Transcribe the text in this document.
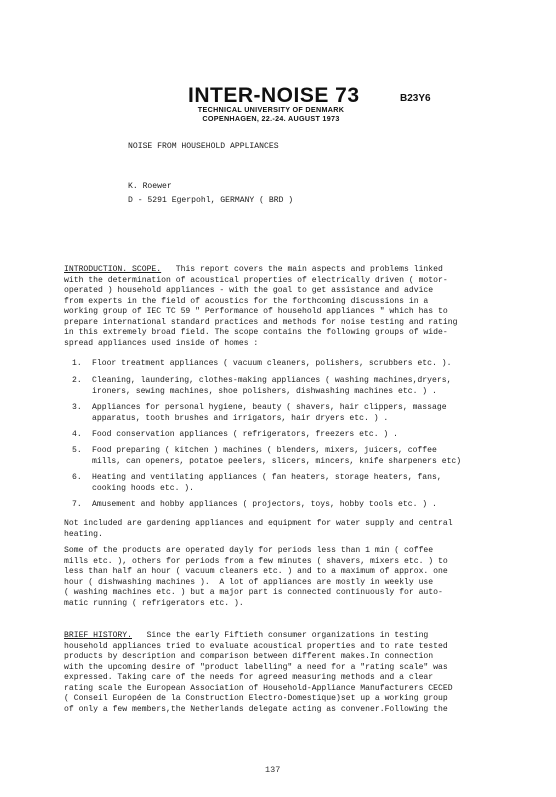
INTER-NOISE 73
TECHNICAL UNIVERSITY OF DENMARK
COPENHAGEN, 22.-24. AUGUST 1973
B23Y6
NOISE FROM HOUSEHOLD APPLIANCES
K. Roewer
D - 5291 Egerpohl, GERMANY ( BRD )
INTRODUCTION. SCOPE.   This report covers the main aspects and problems linked
with the determination of acoustical properties of electrically driven ( motor-
operated ) household appliances - with the goal to get assistance and advice
from experts in the field of acoustics for the forthcoming discussions in a
working group of IEC TC 59 " Performance of household appliances " which has to
prepare international standard practices and methods for noise testing and rating
in this extremely broad field. The scope contains the following groups of wide-
spread appliances used inside of homes :
1. Floor treatment appliances ( vacuum cleaners, polishers, scrubbers etc. ).
2. Cleaning, laundering, clothes-making appliances ( washing machines,dryers,
ironers, sewing machines, shoe polishers, dishwashing machines etc. ) .
3. Appliances for personal hygiene, beauty ( shavers, hair clippers, massage
apparatus, tooth brushes and irrigators, hair dryers etc. ) .
4. Food conservation appliances ( refrigerators, freezers etc. ) .
5. Food preparing ( kitchen ) machines ( blenders, mixers, juicers, coffee
mills, can openers, potatoe peelers, slicers, mincers, knife sharpeners etc)
6. Heating and ventilating appliances ( fan heaters, storage heaters, fans,
cooking hoods etc. ).
7. Amusement and hobby appliances ( projectors, toys, hobby tools etc. ) .
Not included are gardening appliances and equipment for water supply and central
heating.
Some of the products are operated dayly for periods less than 1 min ( coffee
mills etc. ), others for periods from a few minutes ( shavers, mixers etc. ) to
less than half an hour ( vacuum cleaners etc. ) and to a maximum of approx. one
hour ( dishwashing machines ).  A lot of appliances are mostly in weekly use
( washing machines etc. ) but a major part is connected continuously for auto-
matic running ( refrigerators etc. ).
BRIEF HISTORY.   Since the early Fiftieth consumer organizations in testing
household appliances tried to evaluate acoustical properties and to rate tested
products by description and comparison between different makes.In connection
with the upcoming desire of "product labelling" a need for a "rating scale" was
expressed. Taking care of the needs for agreed measuring methods and a clear
rating scale the European Association of Household-Appliance Manufacturers CECED
( Conseil Européen de la Construction Electro-Domestique)set up a working group
of only a few members,the Netherlands delegate acting as convener.Following the
137
